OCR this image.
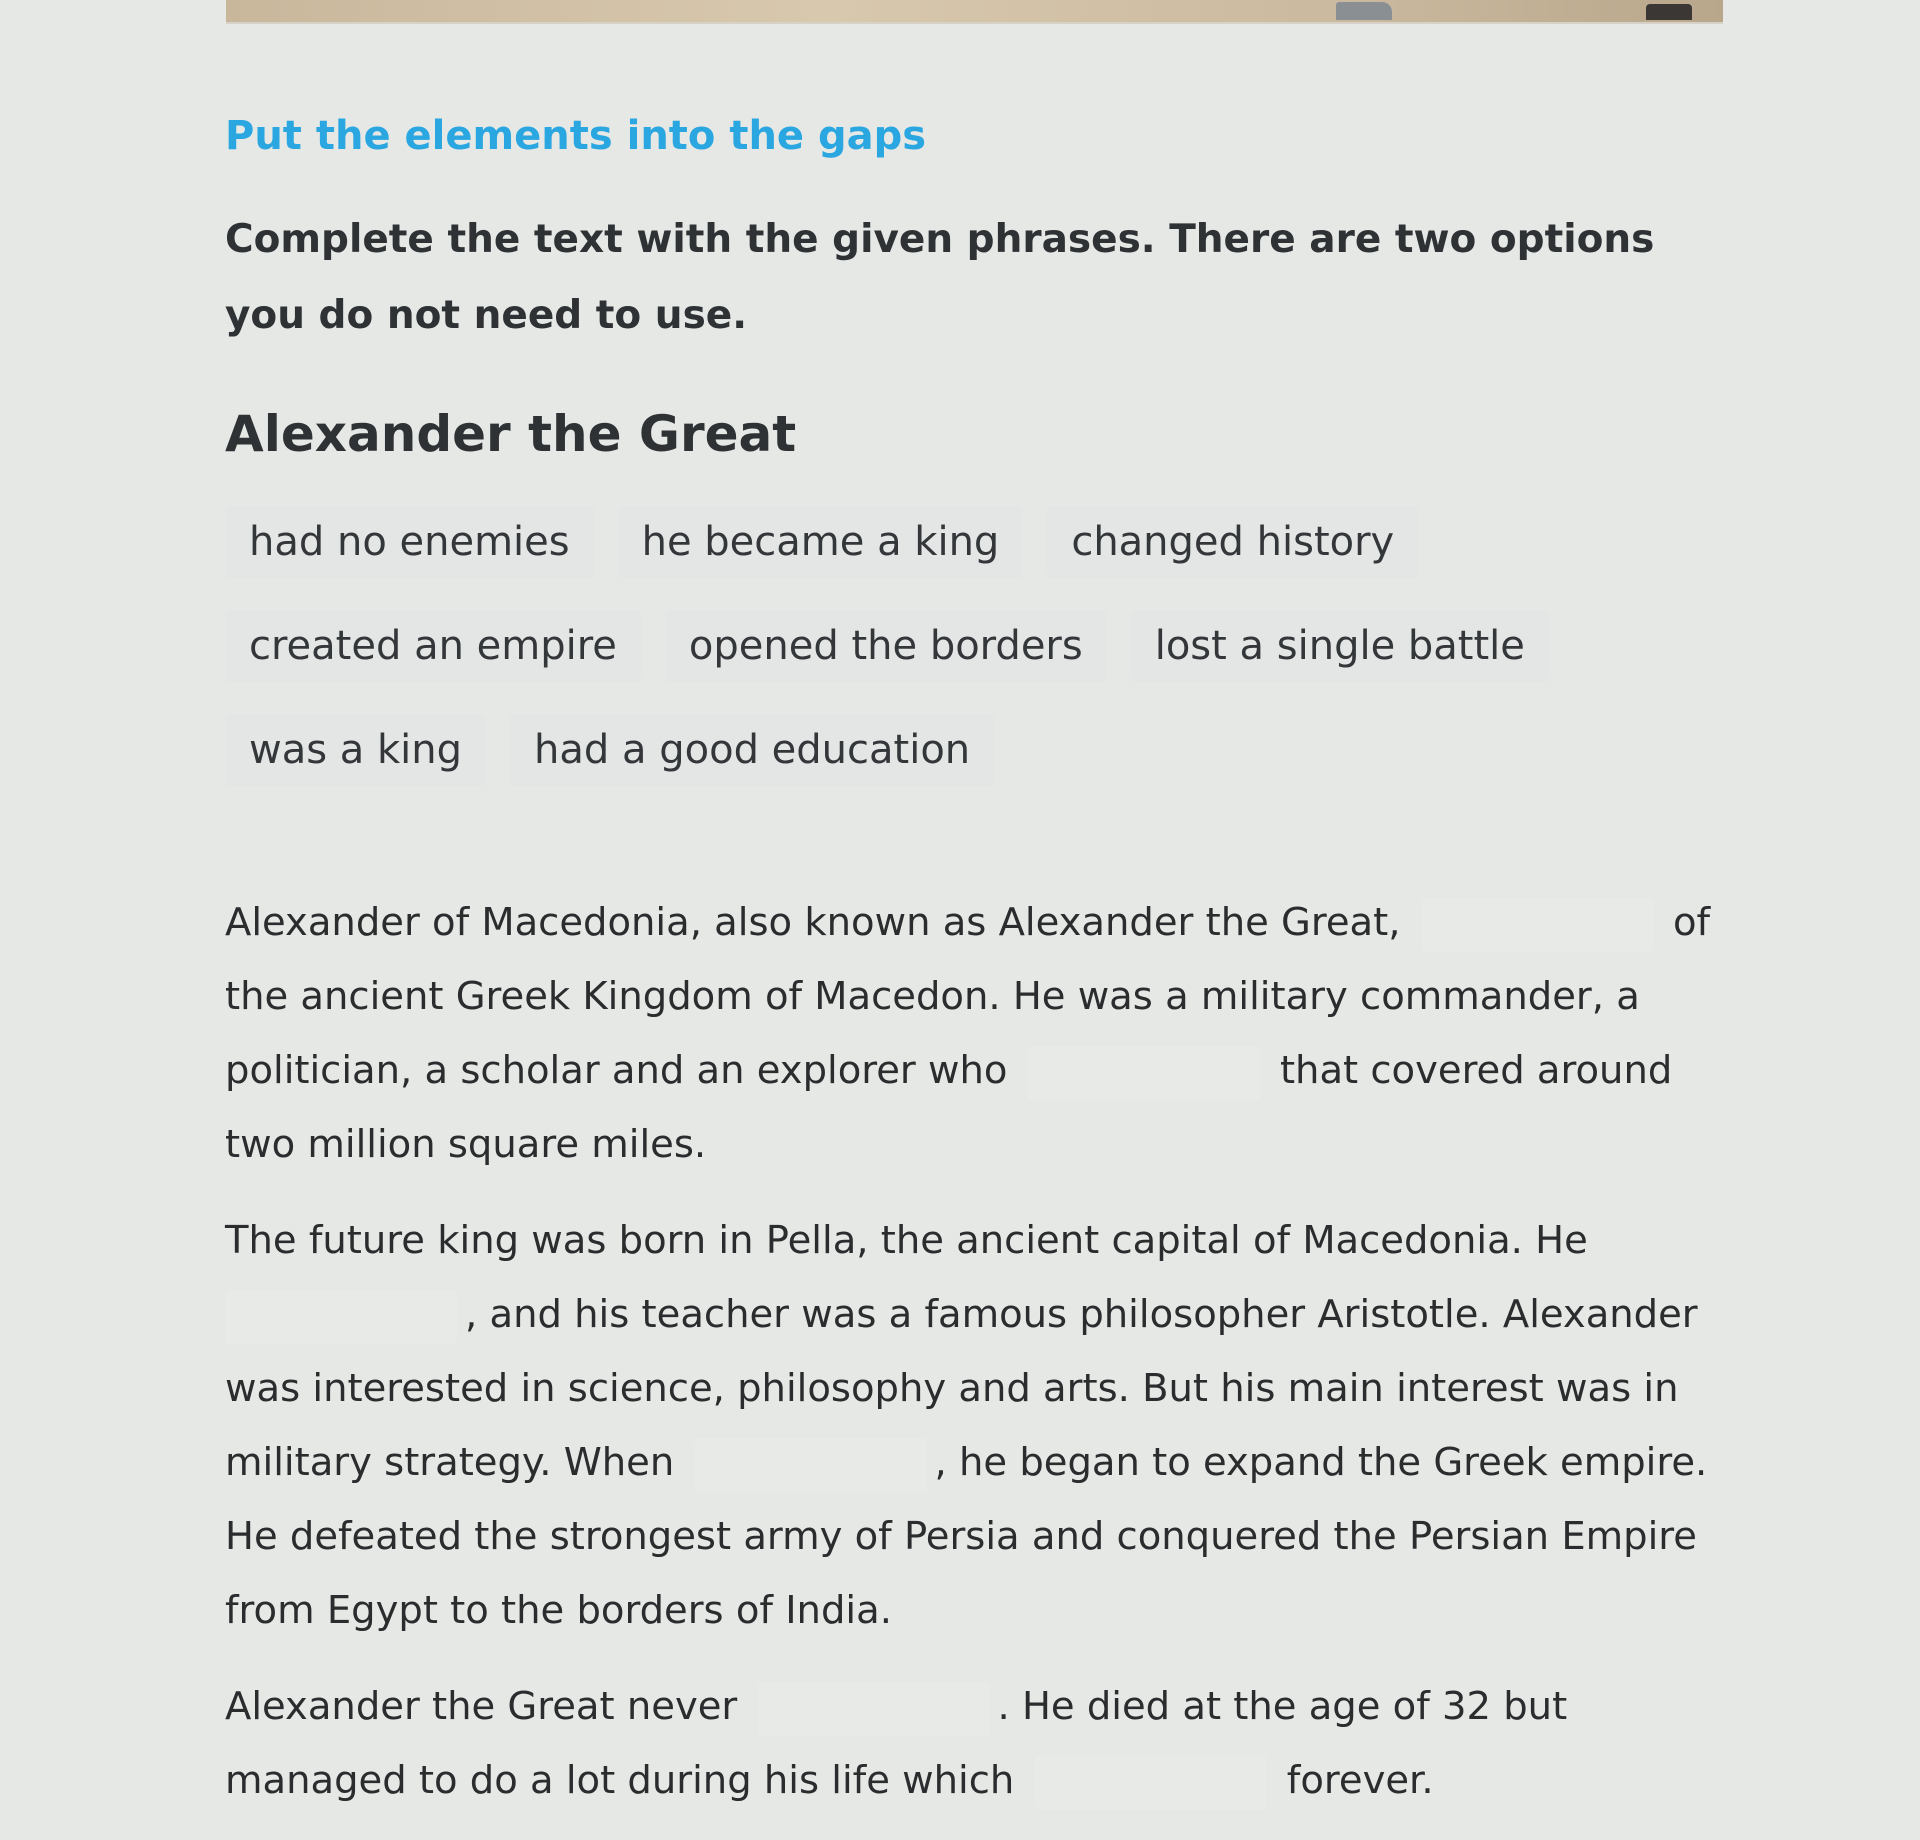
Put the elements into the gaps

Complete the text with the given phrases. There are two options you do not need to use.

Alexander the Great
had no enemies	he became a king	changed history
created an empire	opened the borders	lost a single battle
was a king	had a good education

Alexander of Macedonia, also known as Alexander the Great,	of the ancient Greek Kingdom of Macedon. He was a military commander, a politician, a scholar and an explorer who	that covered around two million square miles.

The future king was born in Pella, the ancient capital of Macedonia. He , and his teacher was a famous philosopher Aristotle. Alexander was interested in science, philosophy and arts. But his main interest was in military strategy. When	, he began to expand the Greek empire. He defeated the strongest army of Persia and conquered the Persian Empire from Egypt to the borders of India.

Alexander the Great never	. He died at the age of 32 but managed to do a lot during his life which	forever.
